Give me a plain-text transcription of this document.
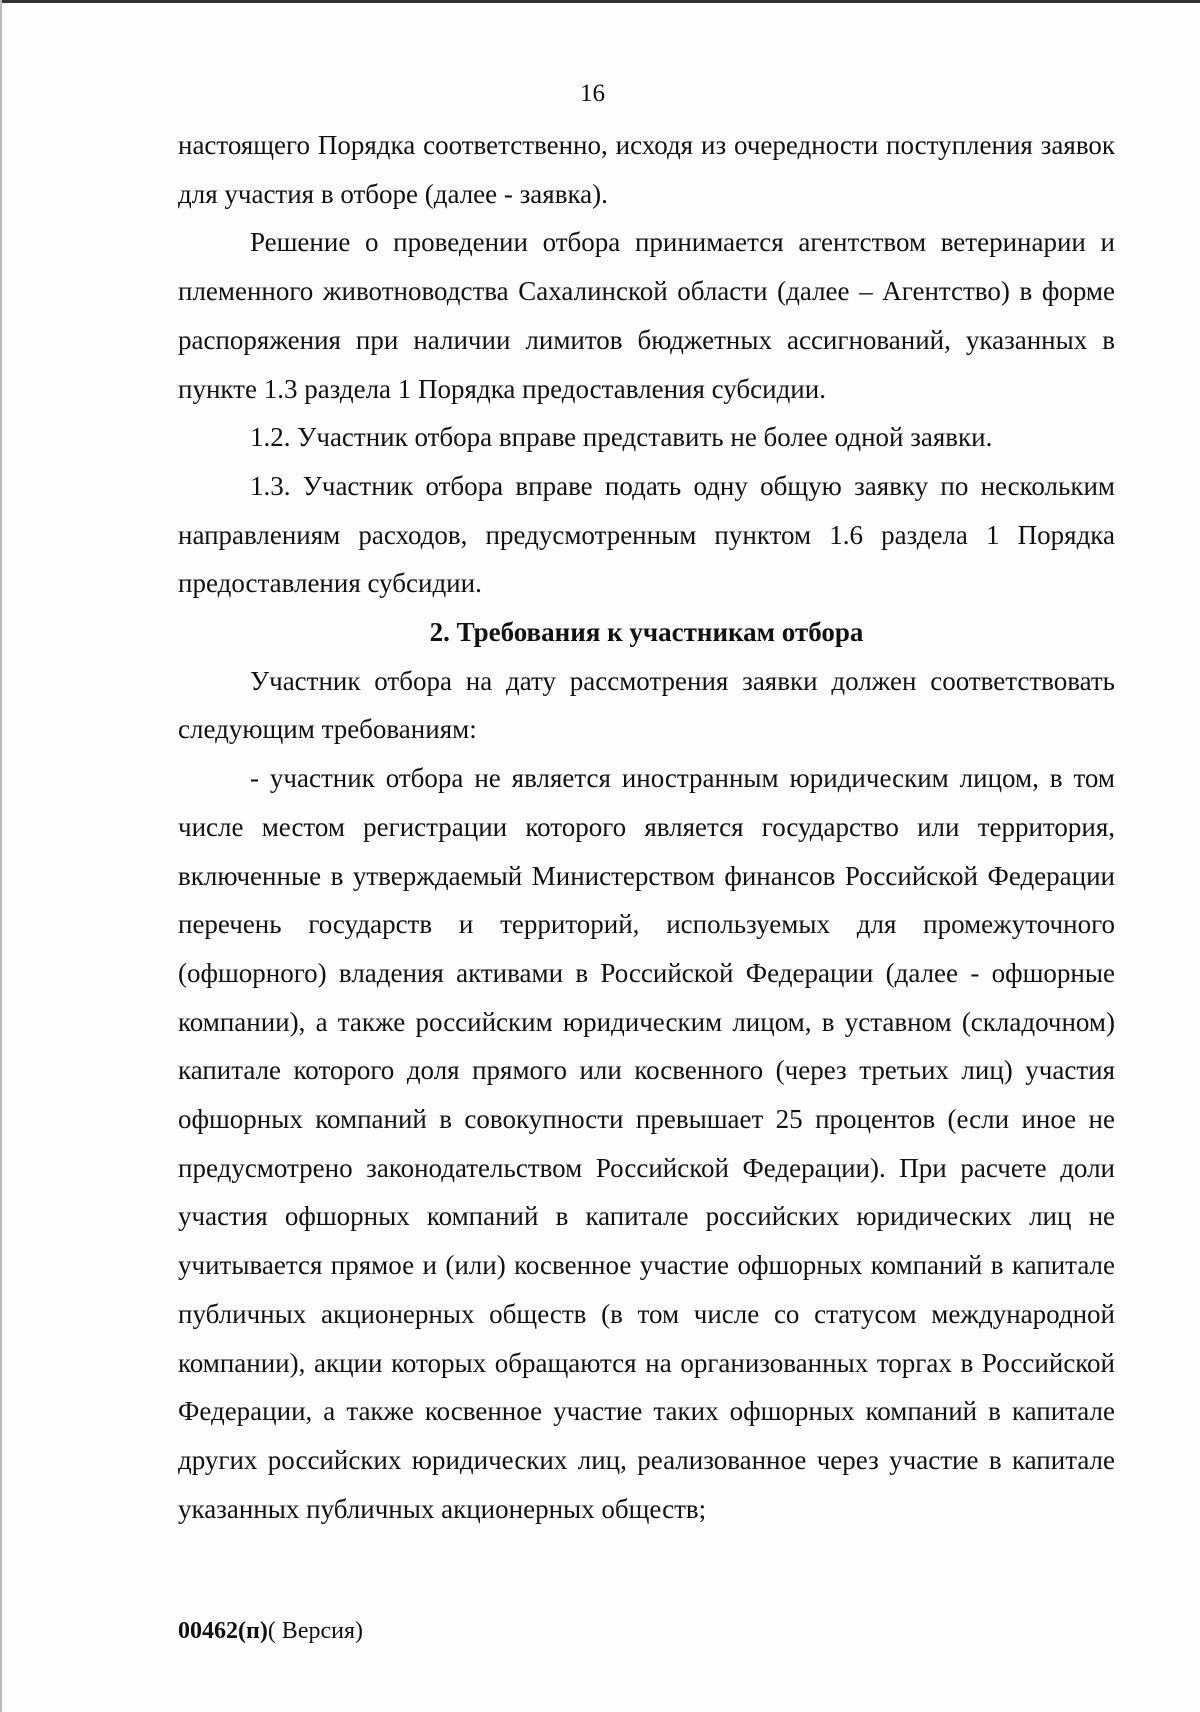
16

настоящего Порядка соответственно, исходя из очередности поступления заявок для участия в отборе (далее - заявка).

Решение о проведении отбора принимается агентством ветеринарии и племенного животноводства Сахалинской области (далее – Агентство) в форме распоряжения при наличии лимитов бюджетных ассигнований, указанных в пункте 1.3 раздела 1 Порядка предоставления субсидии.

1.2. Участник отбора вправе представить не более одной заявки.

1.3. Участник отбора вправе подать одну общую заявку по нескольким направлениям расходов, предусмотренным пунктом 1.6 раздела 1 Порядка предоставления субсидии.

2. Требования к участникам отбора

Участник отбора на дату рассмотрения заявки должен соответствовать следующим требованиям:

- участник отбора не является иностранным юридическим лицом, в том числе местом регистрации которого является государство или территория, включенные в утверждаемый Министерством финансов Российской Федерации перечень государств и территорий, используемых для промежуточного (офшорного) владения активами в Российской Федерации (далее - офшорные компании), а также российским юридическим лицом, в уставном (складочном) капитале которого доля прямого или косвенного (через третьих лиц) участия офшорных компаний в совокупности превышает 25 процентов (если иное не предусмотрено законодательством Российской Федерации). При расчете доли участия офшорных компаний в капитале российских юридических лиц не учитывается прямое и (или) косвенное участие офшорных компаний в капитале публичных акционерных обществ (в том числе со статусом международной компании), акции которых обращаются на организованных торгах в Российской Федерации, а также косвенное участие таких офшорных компаний в капитале других российских юридических лиц, реализованное через участие в капитале указанных публичных акционерных обществ;

00462(п)( Версия)
